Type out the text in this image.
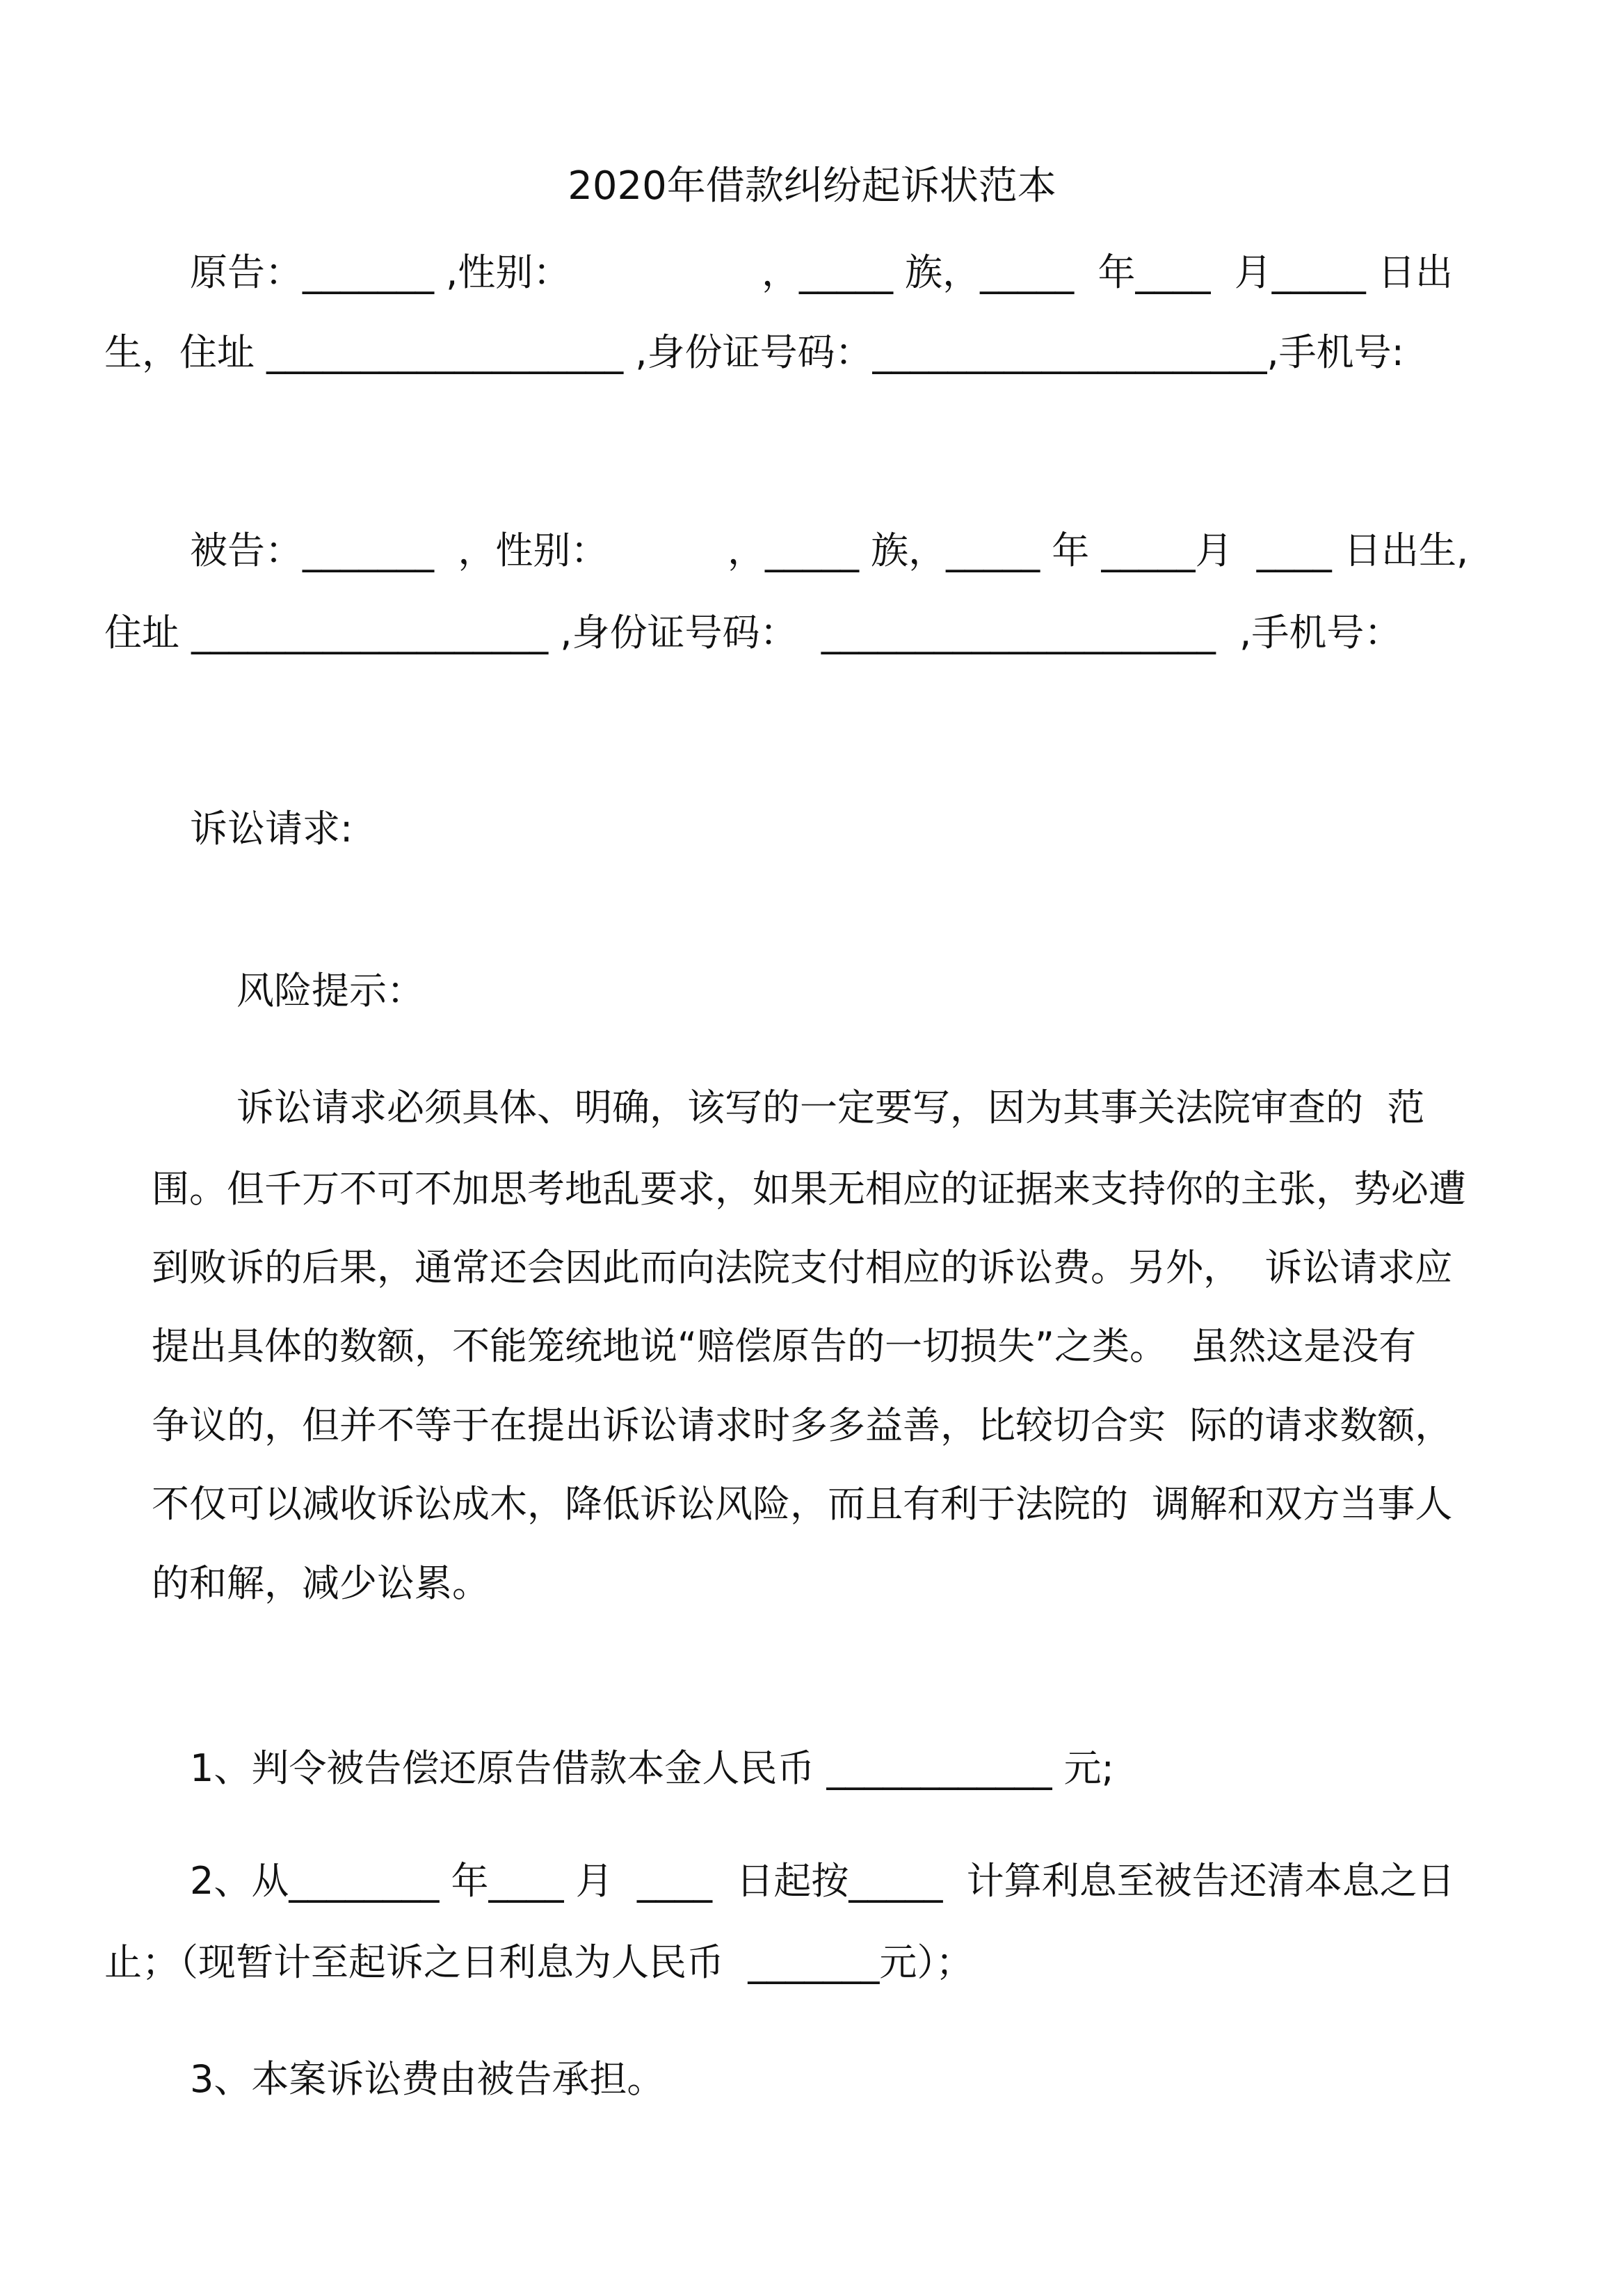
2020年借款纠纷起诉状范本

原告：_______ ,性别：                ，_____ 族，_____  年____  月_____ 日出

生，住址 ___________________ ,身份证号码：_____________________,手机号:

被告：_______  ，性别：          ，_____ 族，_____ 年 _____月  ____ 日出生,

住址 ___________________ ,身份证号码：  _____________________  ,手机号：

诉讼请求:

风险提示：

诉讼请求必须具体、明确，该写的一定要写，因为其事关法院审查的  范

围。但千万不可不加思考地乱要求，如果无相应的证据来支持你的主张，势必遭

到败诉的后果，通常还会因此而向法院支付相应的诉讼费。另外，  诉讼请求应

提出具体的数额，不能笼统地说“赔偿原告的一切损失”之类。  虽然这是没有

争议的，但并不等于在提出诉讼请求时多多益善，比较切合实  际的请求数额，

不仅可以减收诉讼成木，降低诉讼风险，而且有利于法院的  调解和双方当事人

的和解，减少讼累。

1、判令被告偿还原告借款本金人民币 ____________ 元;

2、从________ 年____ 月  ____  日起按_____  计算利息至被告还清本息之日

止；（现暂计至起诉之日利息为人民币  _______元）；

3、本案诉讼费由被告承担。
